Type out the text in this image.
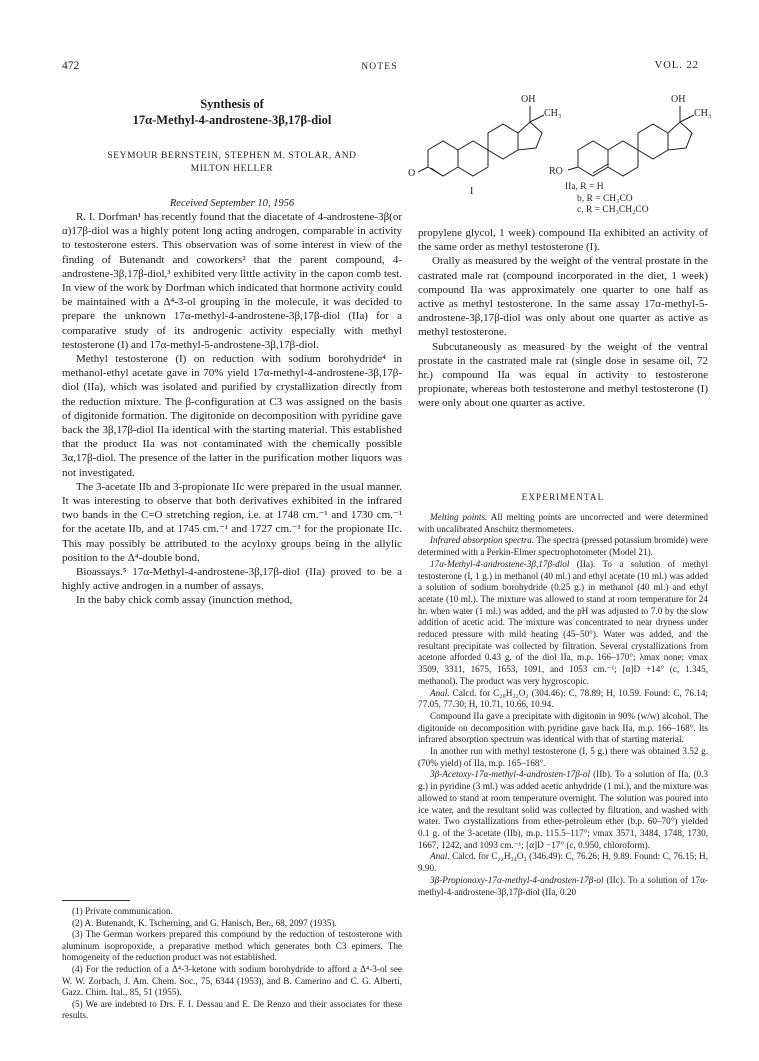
472	NOTES	VOL. 22
Synthesis of
17α-Methyl-4-androstene-3β,17β-diol
SEYMOUR BERNSTEIN, STEPHEN M. STOLAR, AND
MILTON HELLER
Received September 10, 1956
OH
CH₃
O
OH
CH₃
RO
I	IIa, R = H
b, R = CH₃CO
c, R = CH₃CH₂CO

R. I. Dorfman¹ has recently found that the diacetate of 4-androstene-3β(or α)17β-diol was a highly potent long acting androgen, comparable in activity to testosterone esters. This observation was of some interest in view of the finding of Butenandt and coworkers² that the parent compound, 4-androstene-3β,17β-diol,³ exhibited very little activity in the capon comb test. In view of the work by Dorfman which indicated that hormone activity could be maintained with a Δ⁴-3-ol grouping in the molecule, it was decided to prepare the unknown 17α-methyl-4-androstene-3β,17β-diol (IIa) for a comparative study of its androgenic activity especially with methyl testosterone (I) and 17α-methyl-5-androstene-3β,17β-diol.

Methyl testosterone (I) on reduction with sodium borohydride⁴ in methanol-ethyl acetate gave in 70% yield 17α-methyl-4-androstene-3β,17β-diol (IIa), which was isolated and purified by crystallization directly from the reduction mixture. The β-configuration at C3 was assigned on the basis of digitonide formation. The digitonide on decomposition with pyridine gave back the 3β,17β-diol IIa identical with the starting material. This established that the product IIa was not contaminated with the chemically possible 3α,17β-diol. The presence of the latter in the purification mother liquors was not investigated.

The 3-acetate IIb and 3-propionate IIc were prepared in the usual manner. It was interesting to observe that both derivatives exhibited in the infrared two bands in the C=O stretching region, i.e. at 1748 cm.⁻¹ and 1730 cm.⁻¹ for the acetate IIb, and at 1745 cm.⁻¹ and 1727 cm.⁻¹ for the propionate IIc. This may possibly be attributed to the acyloxy groups being in the allylic position to the Δ⁴-double bond.

Bioassays.⁵ 17α-Methyl-4-androstene-3β,17β-diol (IIa) proved to be a highly active androgen in a number of assays.

In the baby chick comb assay (inunction method,

(1) Private communication.

(2) A. Butenandt, K. Tscherning, and G. Hanisch, Ber., 68, 2097 (1935).

(3) The German workers prepared this compound by the reduction of testosterone with aluminum isopropoxide, a preparative method which generates both C3 epimers. The homogeneity of the reduction product was not established.

(4) For the reduction of a Δ⁴-3-ketone with sodium borohydride to afford a Δ⁴-3-ol see W. W. Zorbach, J. Am. Chem. Soc., 75, 6344 (1953), and B. Camerino and C. G. Alberti, Gazz. Chim. Ital., 85, 51 (1955).

(5) We are indebted to Drs. F. I. Dessau and E. De Renzo and their associates for these results.

propylene glycol, 1 week) compound IIa exhibited an activity of the same order as methyl testosterone (I).

Orally as measured by the weight of the ventral prostate in the castrated male rat (compound incorporated in the diet, 1 week) compound IIa was approximately one quarter to one half as active as methyl testosterone. In the same assay 17α-methyl-5-androstene-3β,17β-diol was only about one quarter as active as methyl testosterone.

Subcutaneously as measured by the weight of the ventral prostate in the castrated male rat (single dose in sesame oil, 72 hr.) compound IIa was equal in activity to testosterone propionate, whereas both testosterone and methyl testosterone (I) were only about one quarter as active.

EXPERIMENTAL

Melting points. All melting points are uncorrected and were determined with uncalibrated Anschütz thermometers.

Infrared absorption spectra. The spectra (pressed potassium bromide) were determined with a Perkin-Elmer spectrophotometer (Model 21).

17α-Methyl-4-androstene-3β,17β-diol (IIa). To a solution of methyl testosterone (I, 1 g.) in methanol (40 ml.) and ethyl acetate (10 ml.) was added a solution of sodium borohydride (0.25 g.) in methanol (40 ml.) and ethyl acetate (10 ml.). The mixture was allowed to stand at room temperature for 24 hr. when water (1 ml.) was added, and the pH was adjusted to 7.0 by the slow addition of acetic acid. The mixture was concentrated to near dryness under reduced pressure with mild heating (45–50°). Water was added, and the resultant precipitate was collected by filtration. Several crystallizations from acetone afforded 0.43 g. of the diol IIa, m.p. 166–170°; λmax none; νmax 3509, 3311, 1675, 1653, 1091, and 1053 cm.⁻¹; [α]D +14° (c, 1.345, methanol). The product was very hygroscopic.

Anal. Calcd. for C₂₀H₃₂O₂ (304.46): C, 78.89; H, 10.59. Found: C, 76.14; 77.05, 77.30; H, 10.71, 10.66, 10.94.

Compound IIa gave a precipitate with digitonin in 90% (w/w) alcohol. The digitonide on decomposition with pyridine gave back IIa, m.p. 166–168°. Its infrared absorption spectrum was identical with that of starting material.

In another run with methyl testosterone (I, 5 g.) there was obtained 3.52 g. (70% yield) of IIa, m.p. 165–168°.

3β-Acetoxy-17α-methyl-4-androsten-17β-ol (IIb). To a solution of IIa, (0.3 g.) in pyridine (3 ml.) was added acetic anhydride (1 ml.), and the mixture was allowed to stand at room temperature overnight. The solution was poured into ice water, and the resultant solid was collected by filtration, and washed with water. Two crystallizations from ether-petroleum ether (b.p. 60–70°) yielded 0.1 g. of the 3-acetate (IIb), m.p. 115.5–117°; νmax 3571, 3484, 1748, 1730, 1667, 1242, and 1093 cm.⁻¹; [α]D −17° (c, 0.950, chloroform).

Anal. Calcd. for C₂₂H₃₄O₃ (346.49): C, 76.26; H, 9.89. Found: C, 76.15; H, 9.90.

3β-Propionoxy-17α-methyl-4-androsten-17β-ol (IIc). To a solution of 17α-methyl-4-androstene-3β,17β-diol (IIa, 0.20
